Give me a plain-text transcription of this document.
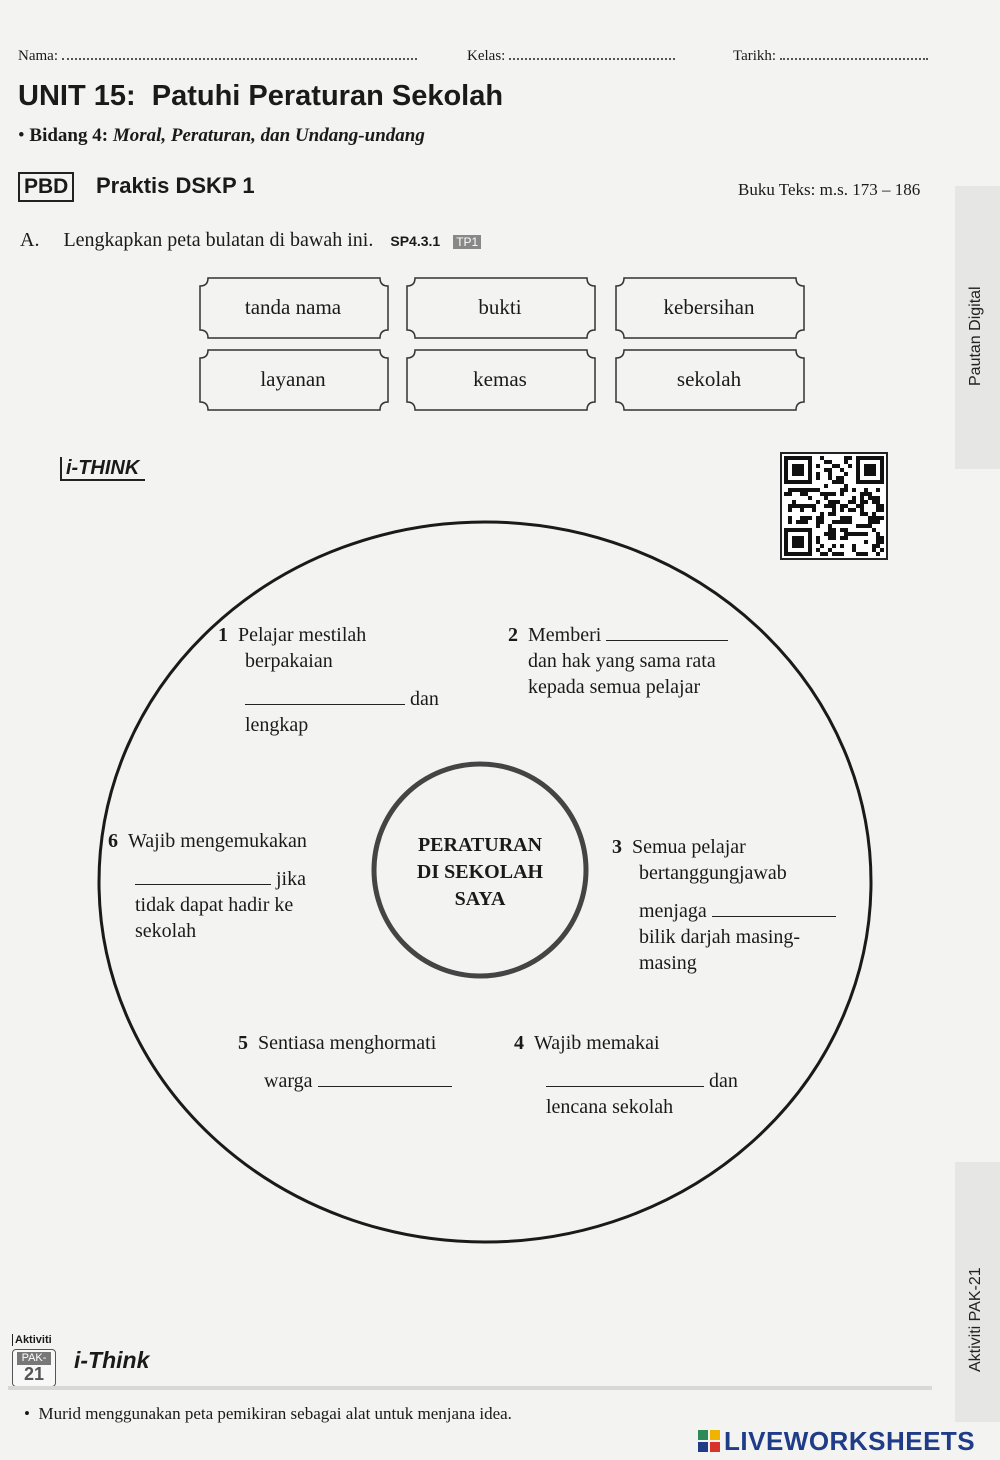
Nama:	Kelas:	Tarikh:
UNIT 15:  Patuhi Peraturan Sekolah
• Bidang 4: Moral, Peraturan, dan Undang-undang
PBD Praktis DSKP 1	Buku Teks: m.s. 173 – 186
Pautan Digital
A. Lengkapkan peta bulatan di bawah ini. SP4.3.1 TP1
tanda nama	bukti	kebersihan
layanan	kemas	sekolah
i-THINK
PERATURAN
DI SEKOLAH
SAYA
1 Pelajar mestilah
berpakaian
dan
lengkap
2 Memberi
dan hak yang sama rata
kepada semua pelajar
6 Wajib mengemukakan
jika
tidak dapat hadir ke
sekolah
3 Semua pelajar
bertanggungjawab
menjaga
bilik darjah masing-
masing
5 Sentiasa menghormati
warga
4 Wajib memakai
dan
lencana sekolah
Aktiviti PAK-21
Aktiviti
PAK-
21
i-Think
• Murid menggunakan peta pemikiran sebagai alat untuk menjana idea.
LIVEWORKSHEETS
